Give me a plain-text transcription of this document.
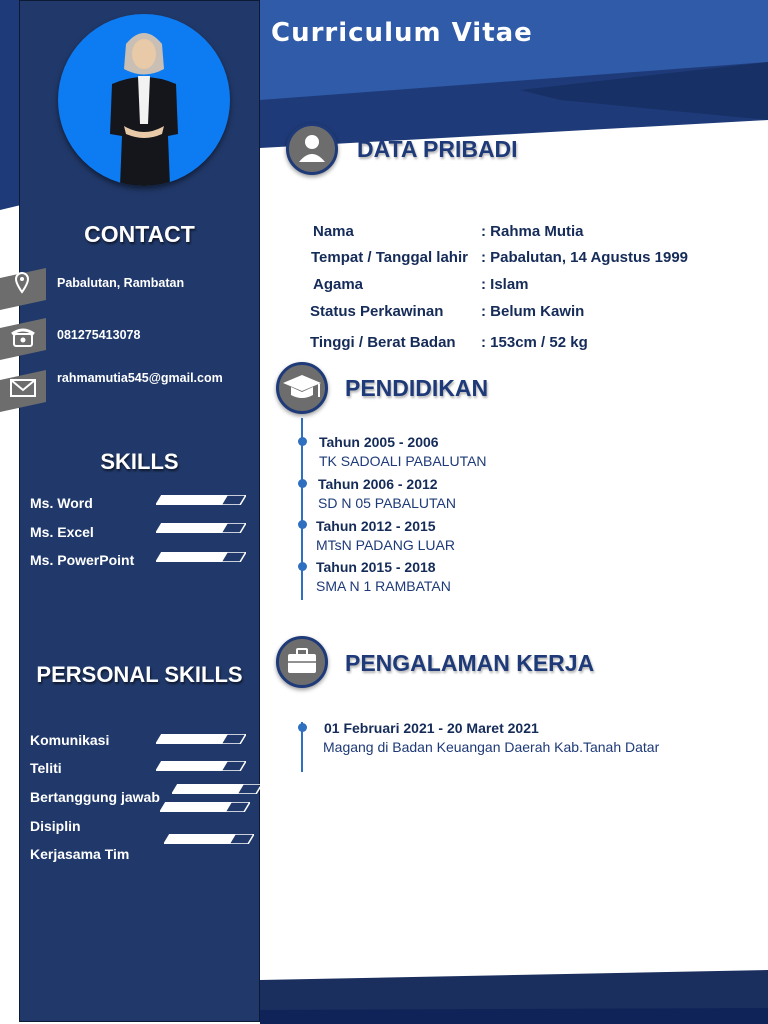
Curriculum Vitae
CONTACT
Pabalutan, Rambatan
081275413078
rahmamutia545@gmail.com
SKILLS
Ms. Word
Ms. Excel
Ms. PowerPoint
PERSONAL SKILLS
Komunikasi
Teliti
Bertanggung jawab
Disiplin
Kerjasama Tim
DATA PRIBADI
Nama	: Rahma Mutia
Tempat / Tanggal lahir : Pabalutan, 14 Agustus 1999
Agama	: Islam
Status Perkawinan	: Belum Kawin
Tinggi / Berat Badan : 153cm / 52 kg
PENDIDIKAN
Tahun 2005 - 2006
TK SADOALI PABALUTAN
Tahun 2006 - 2012
SD N 05 PABALUTAN
Tahun 2012 - 2015
MTsN PADANG LUAR
Tahun 2015 - 2018
SMA N 1 RAMBATAN
PENGALAMAN KERJA
01 Februari 2021 - 20 Maret 2021
Magang di Badan Keuangan Daerah Kab.Tanah Datar
